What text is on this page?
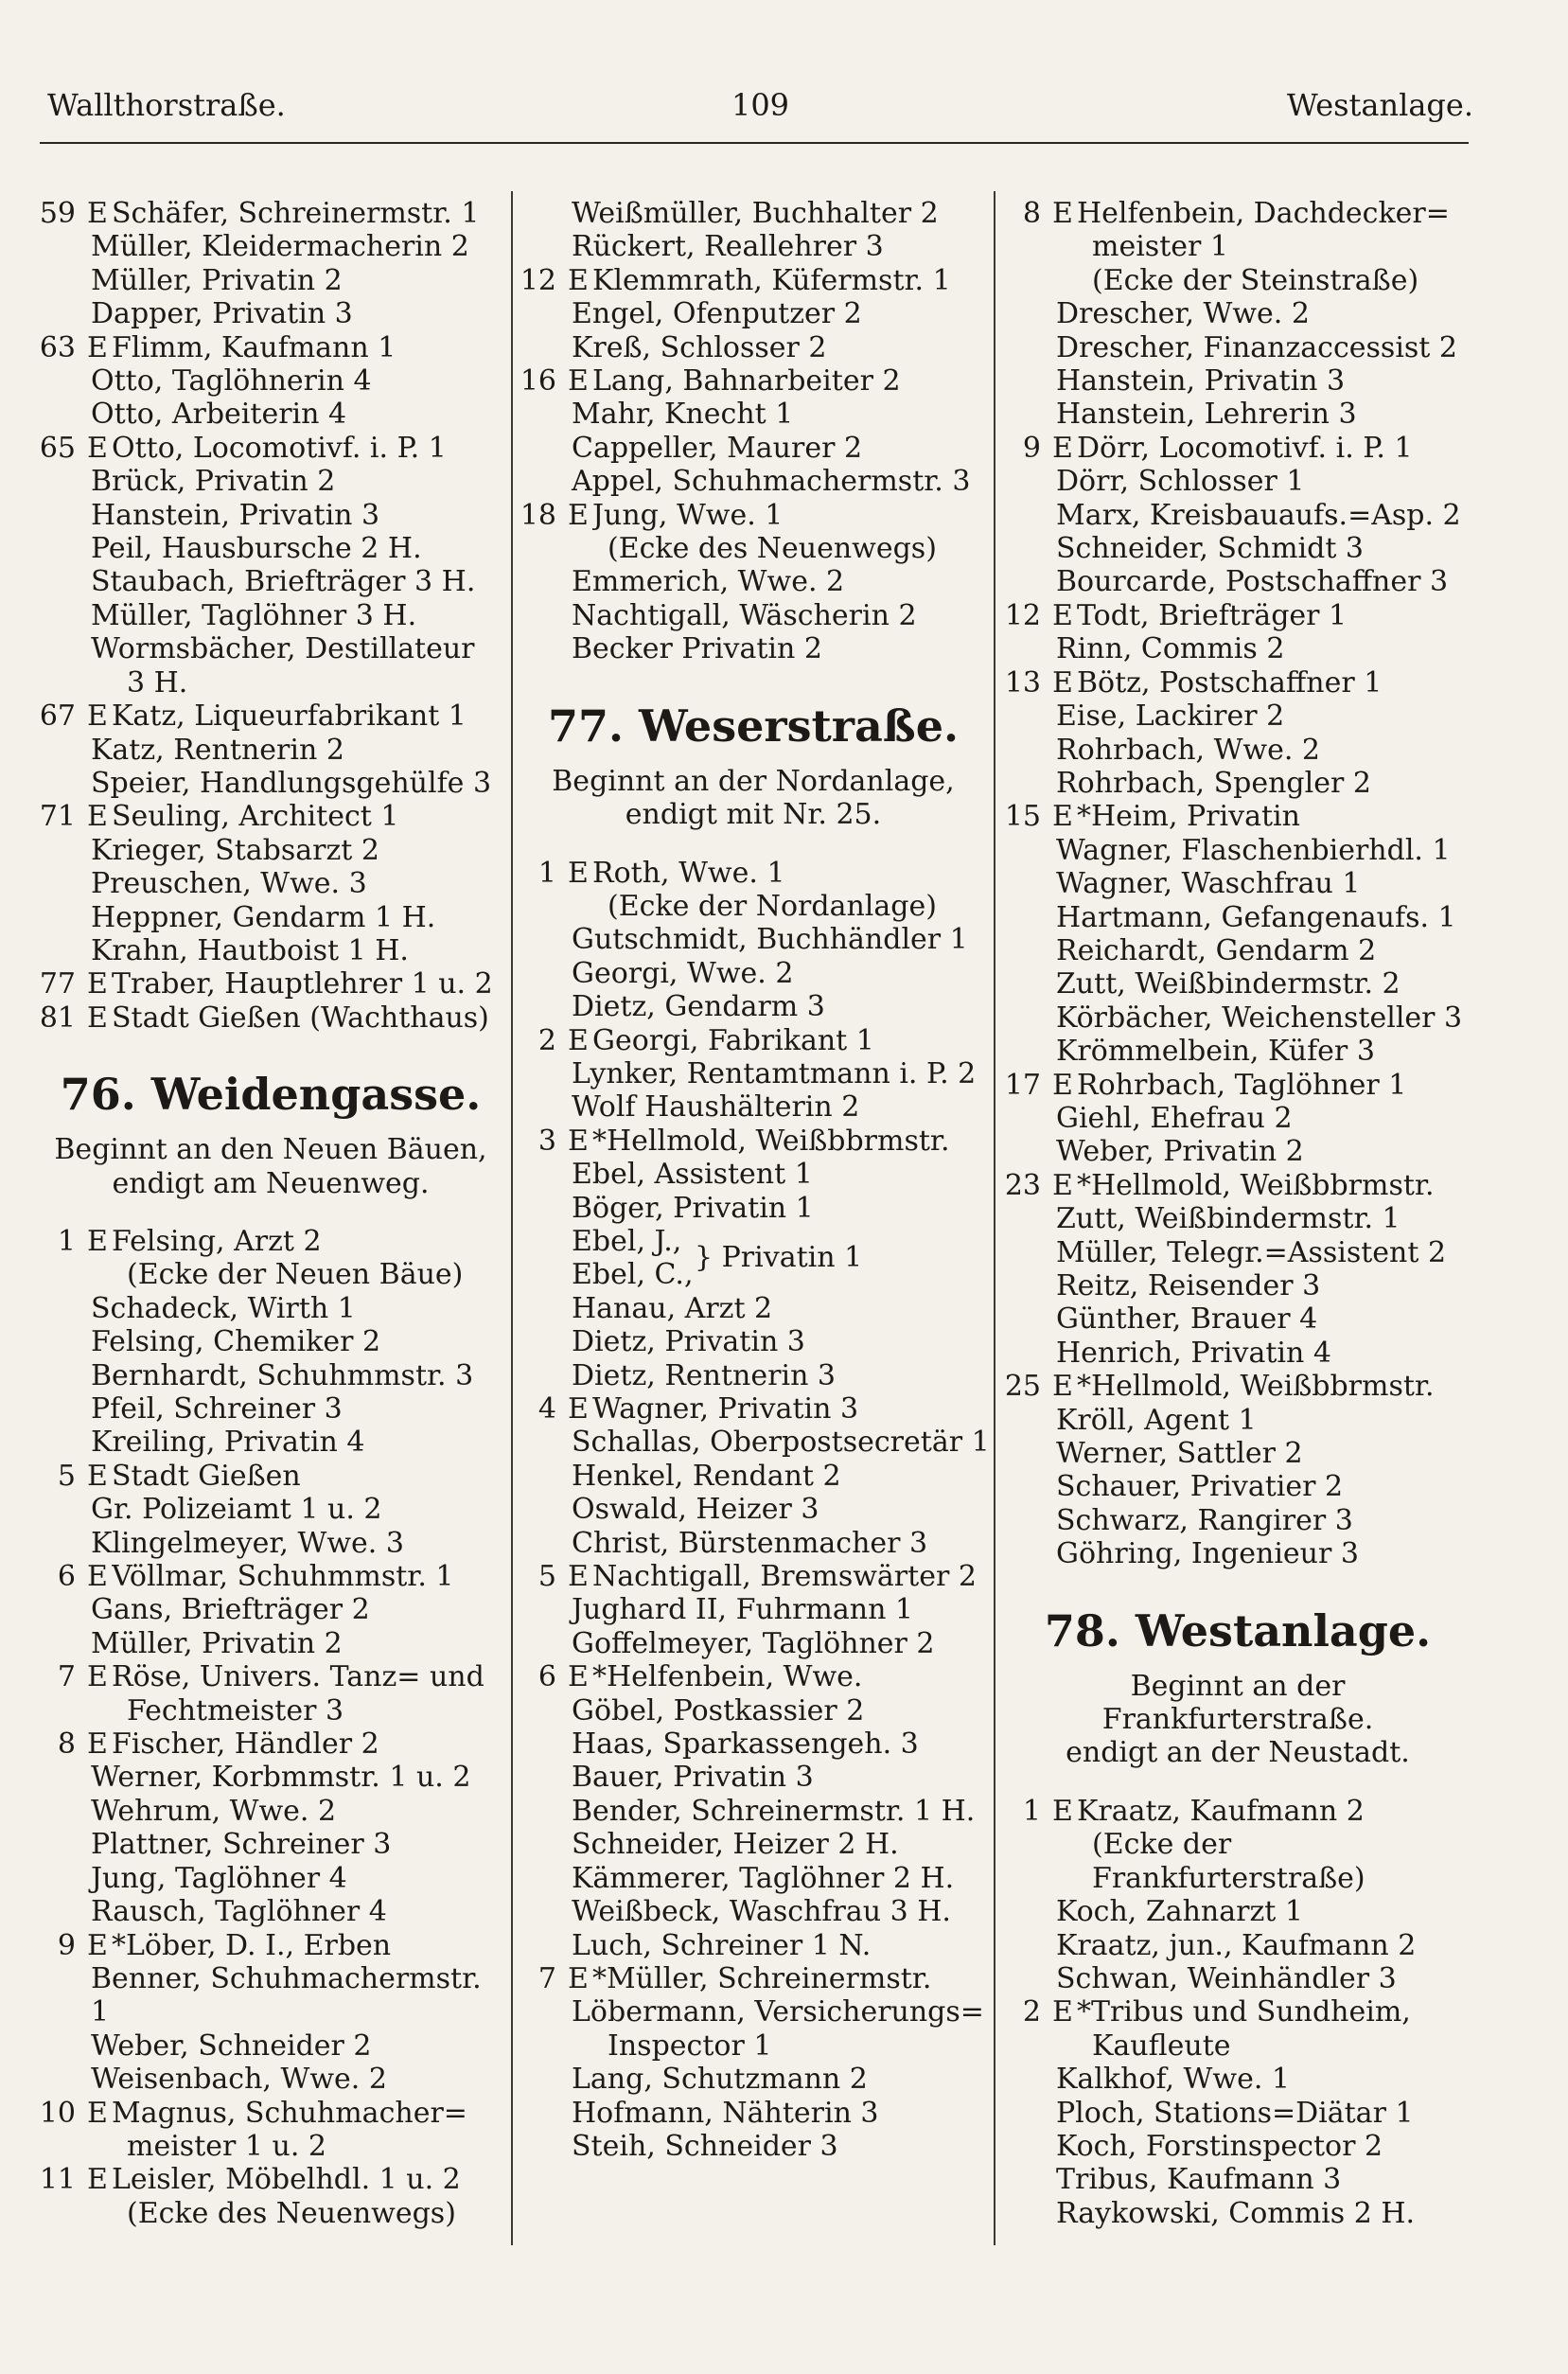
Wallthorstraße.	109	Westanlage.
59 E Schäfer, Schreinermstr. 1
Müller, Kleidermacherin 2
Müller, Privatin 2
Dapper, Privatin 3
63 E Flimm, Kaufmann 1
Otto, Taglöhnerin 4
Otto, Arbeiterin 4
65 E Otto, Locomotivf. i. P. 1
Brück, Privatin 2
Hanstein, Privatin 3
Peil, Hausbursche 2 H.
Staubach, Briefträger 3 H.
Müller, Taglöhner 3 H.
Wormsbächer, Destillateur
3 H.
67 E Katz, Liqueurfabrikant 1
Katz, Rentnerin 2
Speier, Handlungsgehülfe 3
71 E Seuling, Architect 1
Krieger, Stabsarzt 2
Preuschen, Wwe. 3
Heppner, Gendarm 1 H.
Krahn, Hautboist 1 H.
77 E Traber, Hauptlehrer 1 u. 2
81 E Stadt Gießen (Wachthaus)
76. Weidengasse.
Beginnt an den Neuen Bäuen,
endigt am Neuenweg.
1 E Felsing, Arzt 2
(Ecke der Neuen Bäue)
Schadeck, Wirth 1
Felsing, Chemiker 2
Bernhardt, Schuhmmstr. 3
Pfeil, Schreiner 3
Kreiling, Privatin 4
5 E Stadt Gießen
Gr. Polizeiamt 1 u. 2
Klingelmeyer, Wwe. 3
6 E Völlmar, Schuhmmstr. 1
Gans, Briefträger 2
Müller, Privatin 2
7 E Röse, Univers. Tanz= und
Fechtmeister 3
8 E Fischer, Händler 2
Werner, Korbmmstr. 1 u. 2
Wehrum, Wwe. 2
Plattner, Schreiner 3
Jung, Taglöhner 4
Rausch, Taglöhner 4
9 E *Löber, D. I., Erben
Benner, Schuhmachermstr. 1
Weber, Schneider 2
Weisenbach, Wwe. 2
10 E Magnus, Schuhmacher=
meister 1 u. 2
11 E Leisler, Möbelhdl. 1 u. 2
(Ecke des Neuenwegs)
Weißmüller, Buchhalter 2
Rückert, Reallehrer 3
12 E Klemmrath, Küfermstr. 1
Engel, Ofenputzer 2
Kreß, Schlosser 2
16 E Lang, Bahnarbeiter 2
Mahr, Knecht 1
Cappeller, Maurer 2
Appel, Schuhmachermstr. 3
18 E Jung, Wwe. 1
(Ecke des Neuenwegs)
Emmerich, Wwe. 2
Nachtigall, Wäscherin 2
Becker Privatin 2
77. Weserstraße.
Beginnt an der Nordanlage,
endigt mit Nr. 25.
1 E Roth, Wwe. 1
(Ecke der Nordanlage)
Gutschmidt, Buchhändler 1
Georgi, Wwe. 2
Dietz, Gendarm 3
2 E Georgi, Fabrikant 1
Lynker, Rentamtmann i. P. 2
Wolf Haushälterin 2
3 E *Hellmold, Weißbbrmstr.
Ebel, Assistent 1
Böger, Privatin 1
Ebel, J., } Privatin 1
Ebel, C.,
Hanau, Arzt 2
Dietz, Privatin 3
Dietz, Rentnerin 3
4 E Wagner, Privatin 3
Schallas, Oberpostsecretär 1
Henkel, Rendant 2
Oswald, Heizer 3
Christ, Bürstenmacher 3
5 E Nachtigall, Bremswärter 2
Jughard II, Fuhrmann 1
Goffelmeyer, Taglöhner 2
6 E *Helfenbein, Wwe.
Göbel, Postkassier 2
Haas, Sparkassengeh. 3
Bauer, Privatin 3
Bender, Schreinermstr. 1 H.
Schneider, Heizer 2 H.
Kämmerer, Taglöhner 2 H.
Weißbeck, Waschfrau 3 H.
Luch, Schreiner 1 N.
7 E *Müller, Schreinermstr.
Löbermann, Versicherungs=
Inspector 1
Lang, Schutzmann 2
Hofmann, Nähterin 3
Steih, Schneider 3
8 E Helfenbein, Dachdecker=
meister 1
(Ecke der Steinstraße)
Drescher, Wwe. 2
Drescher, Finanzaccessist 2
Hanstein, Privatin 3
Hanstein, Lehrerin 3
9 E Dörr, Locomotivf. i. P. 1
Dörr, Schlosser 1
Marx, Kreisbauaufs.=Asp. 2
Schneider, Schmidt 3
Bourcarde, Postschaffner 3
12 E Todt, Briefträger 1
Rinn, Commis 2
13 E Bötz, Postschaffner 1
Eise, Lackirer 2
Rohrbach, Wwe. 2
Rohrbach, Spengler 2
15 E *Heim, Privatin
Wagner, Flaschenbierhdl. 1
Wagner, Waschfrau 1
Hartmann, Gefangenaufs. 1
Reichardt, Gendarm 2
Zutt, Weißbindermstr. 2
Körbächer, Weichensteller 3
Krömmelbein, Küfer 3
17 E Rohrbach, Taglöhner 1
Giehl, Ehefrau 2
Weber, Privatin 2
23 E *Hellmold, Weißbbrmstr.
Zutt, Weißbindermstr. 1
Müller, Telegr.=Assistent 2
Reitz, Reisender 3
Günther, Brauer 4
Henrich, Privatin 4
25 E *Hellmold, Weißbbrmstr.
Kröll, Agent 1
Werner, Sattler 2
Schauer, Privatier 2
Schwarz, Rangirer 3
Göhring, Ingenieur 3
78. Westanlage.
Beginnt an der Frankfurterstraße.
endigt an der Neustadt.
1 E Kraatz, Kaufmann 2
(Ecke der Frankfurterstraße)
Koch, Zahnarzt 1
Kraatz, jun., Kaufmann 2
Schwan, Weinhändler 3
2 E *Tribus und Sundheim,
Kaufleute
Kalkhof, Wwe. 1
Ploch, Stations=Diätar 1
Koch, Forstinspector 2
Tribus, Kaufmann 3
Raykowski, Commis 2 H.
